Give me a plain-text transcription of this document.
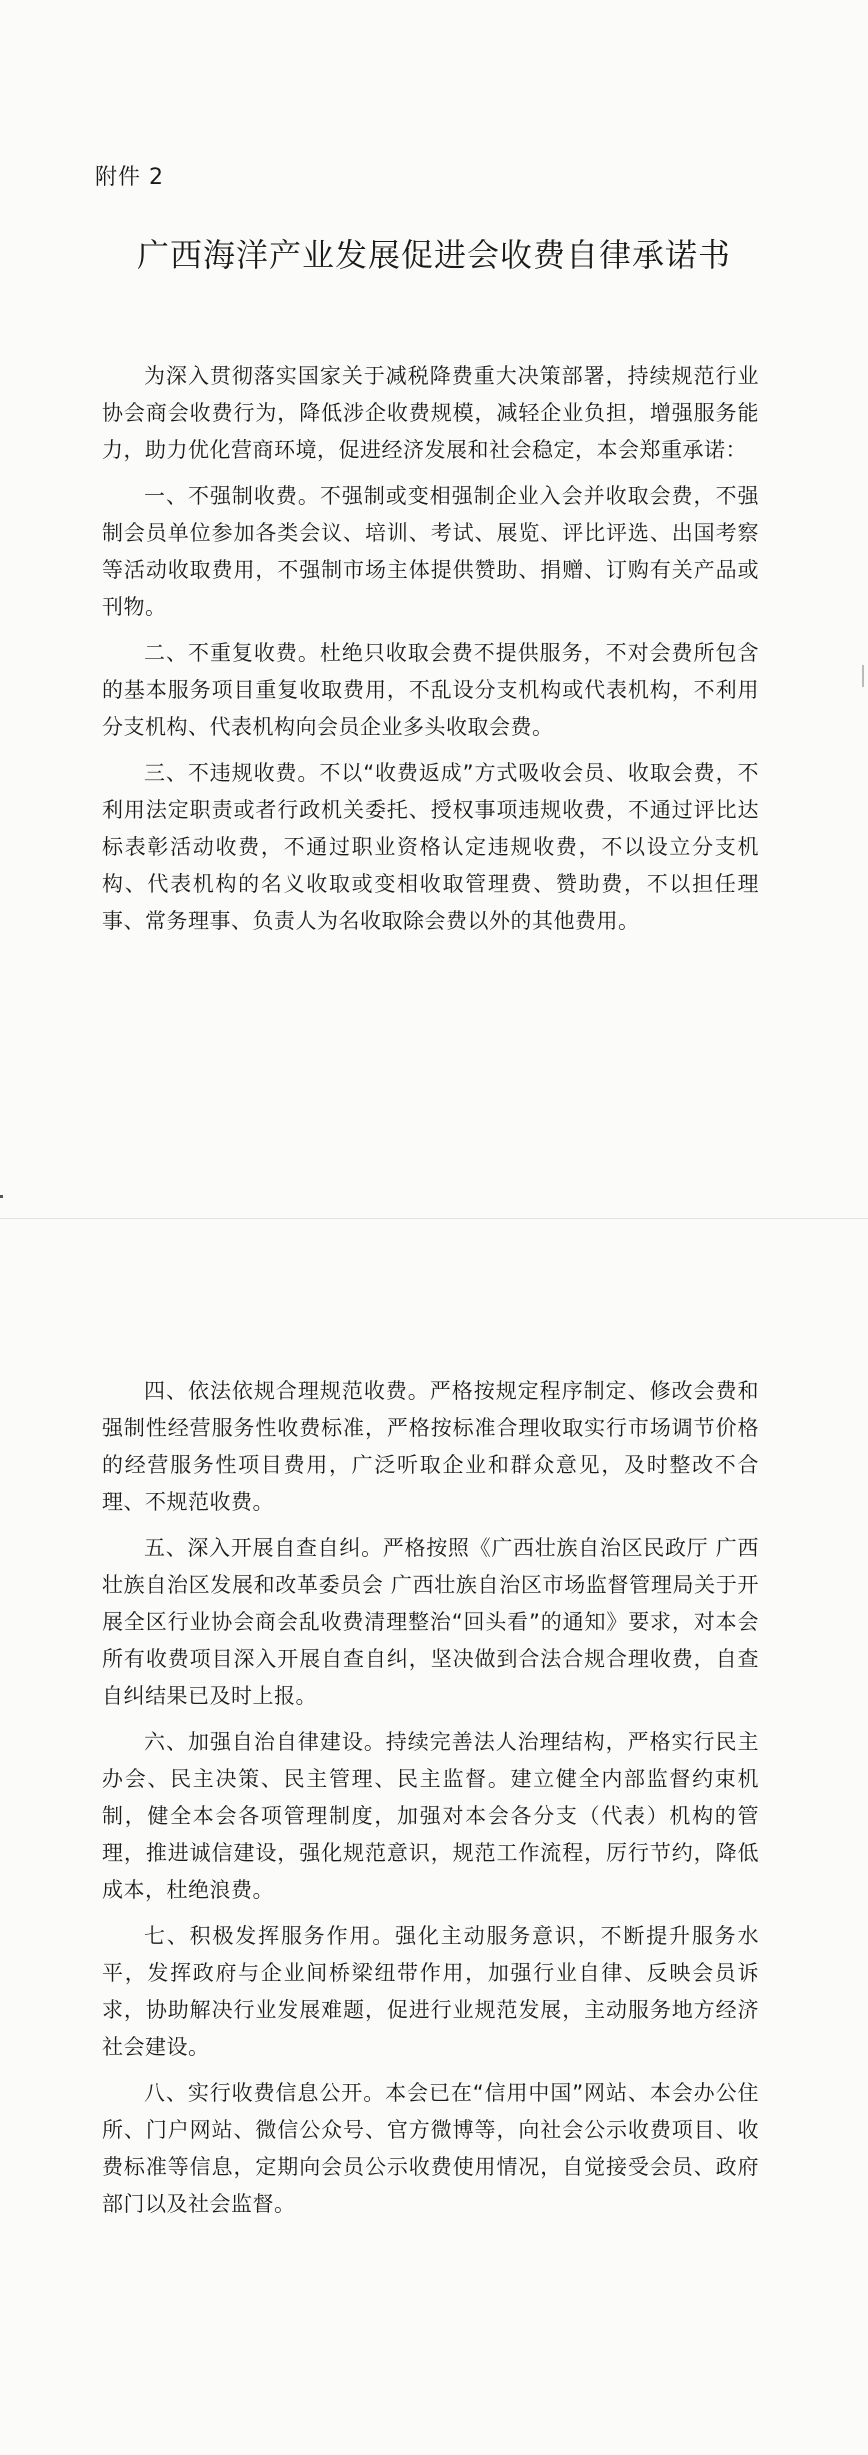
附件 2
广西海洋产业发展促进会收费自律承诺书

为深入贯彻落实国家关于减税降费重大决策部署，持续规范行业协会商会收费行为，降低涉企收费规模，减轻企业负担，增强服务能力，助力优化营商环境，促进经济发展和社会稳定，本会郑重承诺：

一、不强制收费。不强制或变相强制企业入会并收取会费，不强制会员单位参加各类会议、培训、考试、展览、评比评选、出国考察等活动收取费用，不强制市场主体提供赞助、捐赠、订购有关产品或刊物。

二、不重复收费。杜绝只收取会费不提供服务，不对会费所包含的基本服务项目重复收取费用，不乱设分支机构或代表机构，不利用分支机构、代表机构向会员企业多头收取会费。

三、不违规收费。不以“收费返成”方式吸收会员、收取会费，不利用法定职责或者行政机关委托、授权事项违规收费，不通过评比达标表彰活动收费，不通过职业资格认定违规收费，不以设立分支机构、代表机构的名义收取或变相收取管理费、赞助费，不以担任理事、常务理事、负责人为名收取除会费以外的其他费用。

四、依法依规合理规范收费。严格按规定程序制定、修改会费和强制性经营服务性收费标准，严格按标准合理收取实行市场调节价格的经营服务性项目费用，广泛听取企业和群众意见，及时整改不合理、不规范收费。

五、深入开展自查自纠。严格按照《广西壮族自治区民政厅 广西壮族自治区发展和改革委员会 广西壮族自治区市场监督管理局关于开展全区行业协会商会乱收费清理整治“回头看”的通知》要求，对本会所有收费项目深入开展自查自纠，坚决做到合法合规合理收费，自查自纠结果已及时上报。

六、加强自治自律建设。持续完善法人治理结构，严格实行民主办会、民主决策、民主管理、民主监督。建立健全内部监督约束机制，健全本会各项管理制度，加强对本会各分支（代表）机构的管理，推进诚信建设，强化规范意识，规范工作流程，厉行节约，降低成本，杜绝浪费。

七、积极发挥服务作用。强化主动服务意识，不断提升服务水平，发挥政府与企业间桥梁纽带作用，加强行业自律、反映会员诉求，协助解决行业发展难题，促进行业规范发展，主动服务地方经济社会建设。

八、实行收费信息公开。本会已在“信用中国”网站、本会办公住所、门户网站、微信公众号、官方微博等，向社会公示收费项目、收费标准等信息，定期向会员公示收费使用情况，自觉接受会员、政府部门以及社会监督。
